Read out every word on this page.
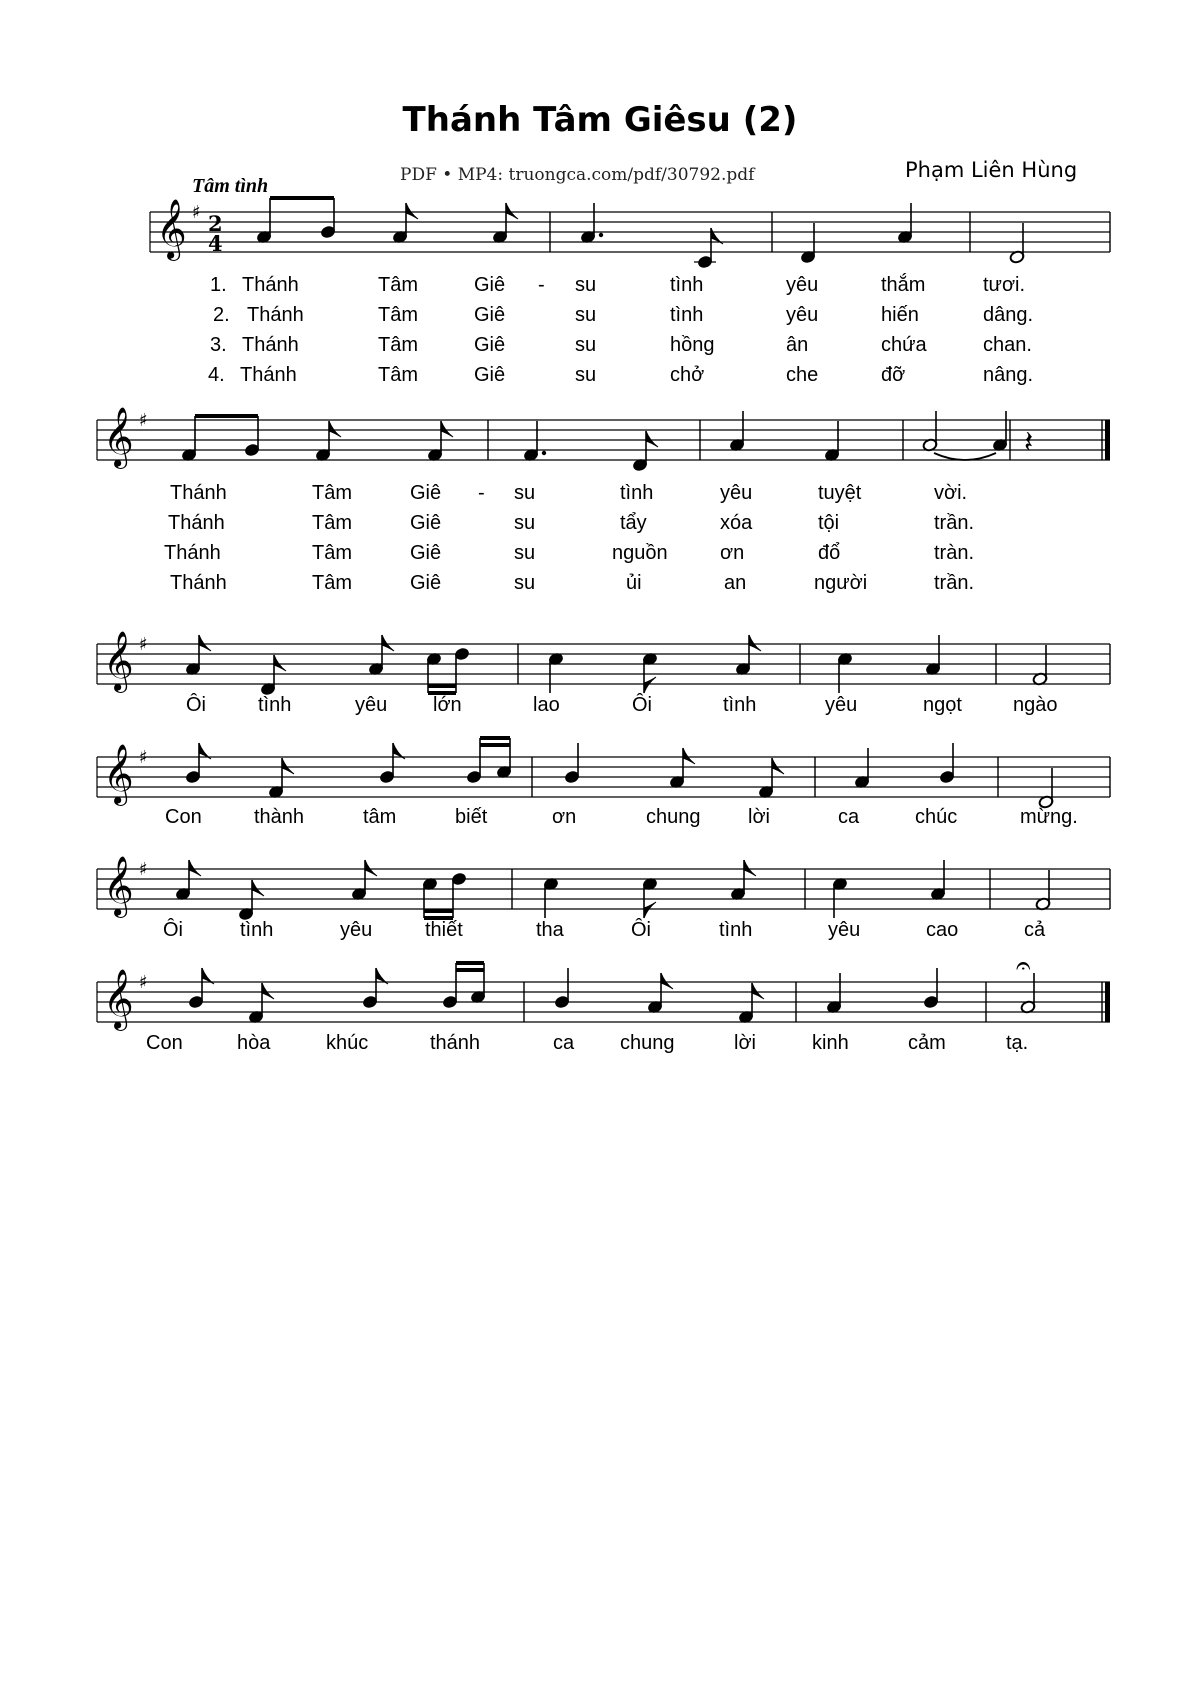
Thánh Tâm Giêsu (2)
PDF • MP4: truongca.com/pdf/30792.pdf	Phạm Liên Hùng
Tâm tình
𝄞 ♯ 2
4
𝄞 ♯
𝄽
𝄞 ♯
𝄞 ♯
𝄞 ♯
𝄞 ♯
𝄐
1. Thánh	Tâm	Giê - su	tình	yêu	thắm	tươi.
2. Thánh	Tâm	Giê	su	tình	yêu	hiến	dâng.
3. Thánh	Tâm	Giê	su	hồng	ân	chứa	chan.
4. Thánh	Tâm	Giê	su	chở	che	đỡ	nâng.
Thánh	Tâm	Giê - su	tình	yêu	tuyệt	vời.
Thánh	Tâm	Giê	su	tẩy	xóa	tội	trần.
Thánh	Tâm	Giê	su	nguồn	ơn	đổ	tràn.
Thánh	Tâm	Giê	su	ủi	an	người	trần.
Ôi	tình	yêu lớn	lao	Ôi	tình	yêu	ngọt	ngào
Con	thành	tâm	biết	ơn	chung lời	ca	chúc	mừng.
Ôi	tình	yêu	thiết	tha	Ôi	tình	yêu	cao	cả
Con	hòa	khúc	thánh	ca chung	lời	kinh	cảm	tạ.
